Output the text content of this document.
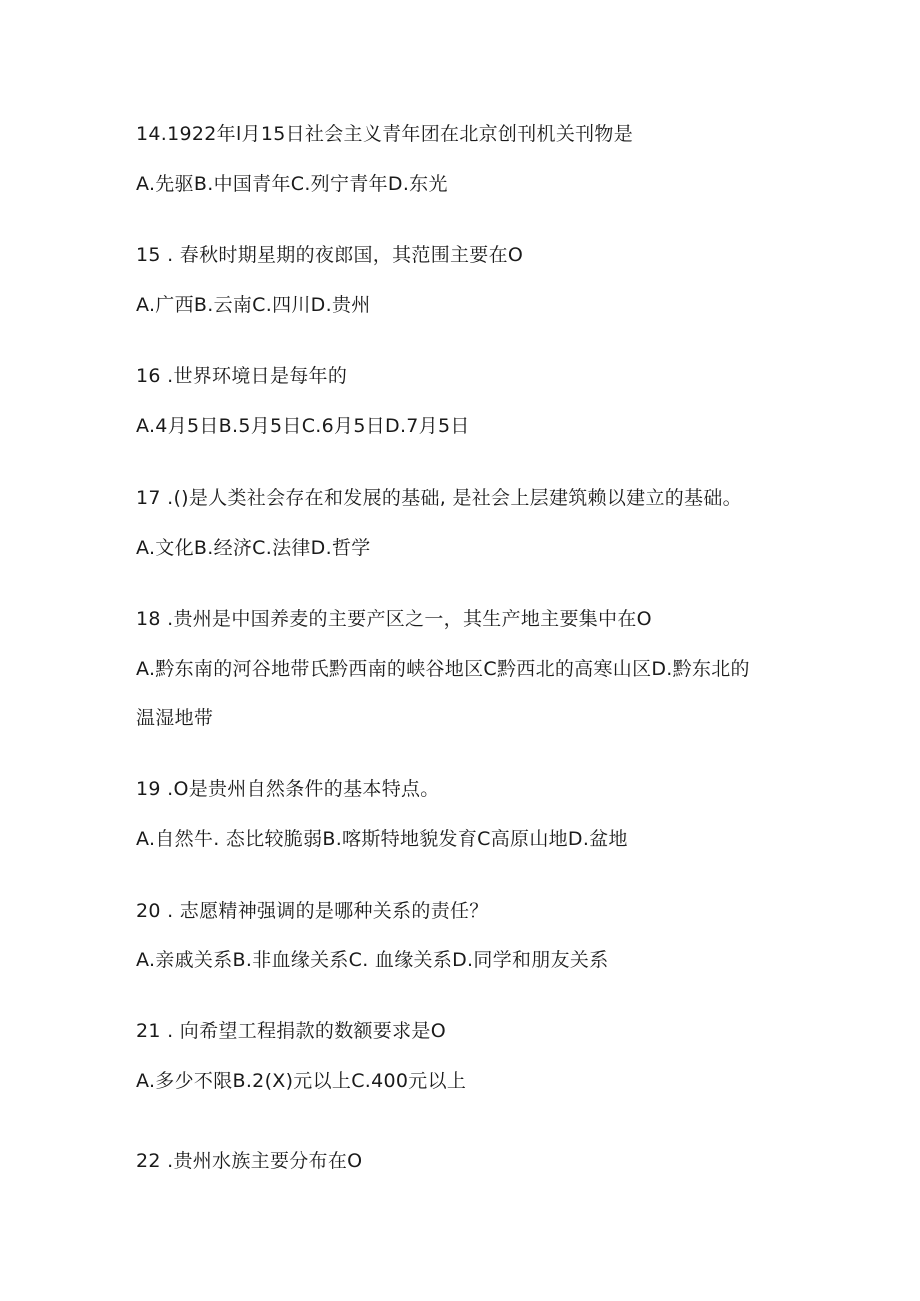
14.1922年l月15日社会主义青年团在北京创刊机关刊物是
A.先驱B.中国青年C.列宁青年D.东光
15 . 春秋时期星期的夜郎国，其范围主要在O
A.广西B.云南C.四川D.贵州
16 .世界环境日是每年的
A.4月5日B.5月5日C.6月5日D.7月5日
17 .()是人类社会存在和发展的基础, 是社会上层建筑赖以建立的基础。
A.文化B.经济C.法律D.哲学
18 .贵州是中国养麦的主要产区之一，其生产地主要集中在O
A.黔东南的河谷地带氏黔西南的峡谷地区C黔西北的高寒山区D.黔东北的
温湿地带
19 .O是贵州自然条件的基本特点。
A.自然牛. 态比较脆弱B.喀斯特地貌发育C高原山地D.盆地
20 . 志愿精神强调的是哪种关系的责任？
A.亲戚关系B.非血缘关系C. 血缘关系D.同学和朋友关系
21 . 向希望工程捐款的数额要求是O
A.多少不限B.2(X)元以上C.400元以上
22 .贵州水族主要分布在O
